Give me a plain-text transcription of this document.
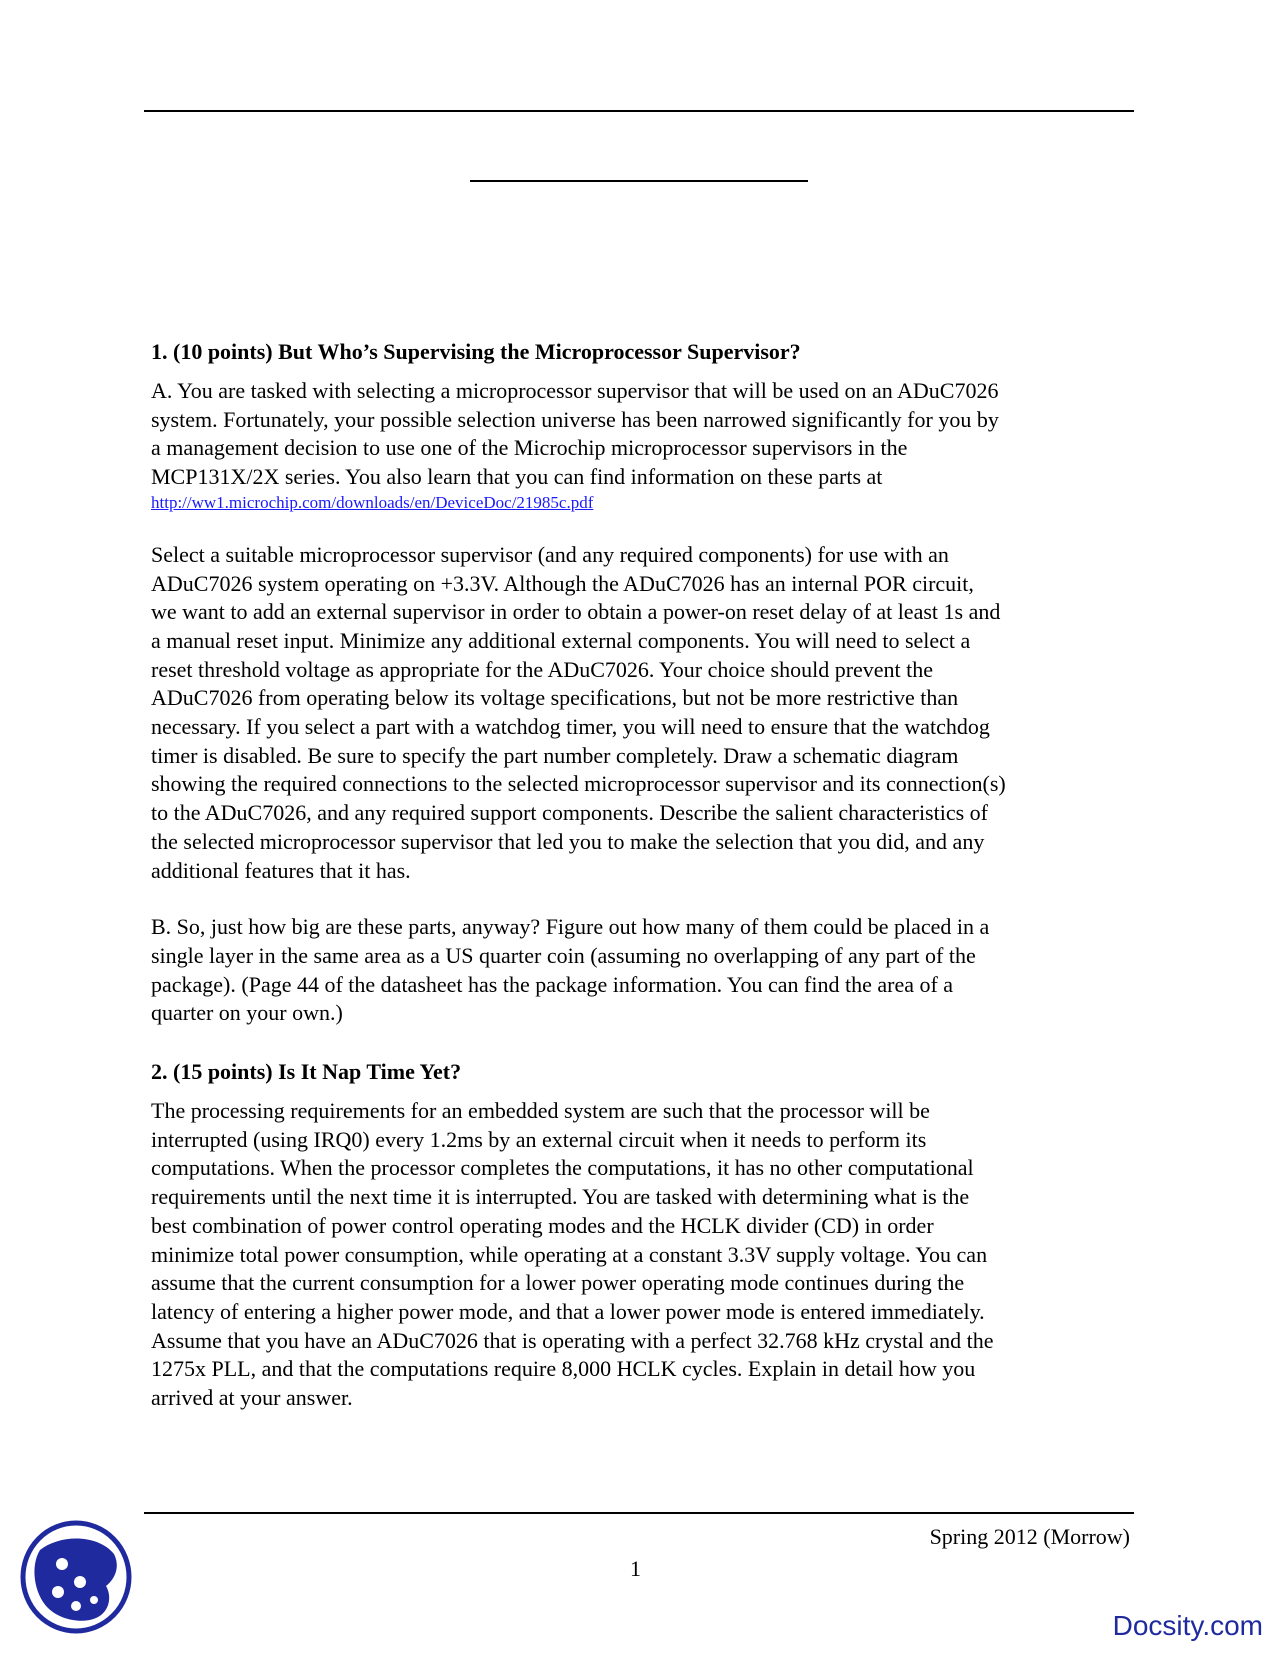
1. (10 points) But Who’s Supervising the Microprocessor Supervisor?

A. You are tasked with selecting a microprocessor supervisor that will be used on an ADuC7026
system. Fortunately, your possible selection universe has been narrowed significantly for you by
a management decision to use one of the Microchip microprocessor supervisors in the
MCP131X/2X series. You also learn that you can find information on these parts at

http://ww1.microchip.com/downloads/en/DeviceDoc/21985c.pdf

Select a suitable microprocessor supervisor (and any required components) for use with an
ADuC7026 system operating on +3.3V. Although the ADuC7026 has an internal POR circuit,
we want to add an external supervisor in order to obtain a power-on reset delay of at least 1s and
a manual reset input. Minimize any additional external components. You will need to select a
reset threshold voltage as appropriate for the ADuC7026. Your choice should prevent the
ADuC7026 from operating below its voltage specifications, but not be more restrictive than
necessary. If you select a part with a watchdog timer, you will need to ensure that the watchdog
timer is disabled. Be sure to specify the part number completely. Draw a schematic diagram
showing the required connections to the selected microprocessor supervisor and its connection(s)
to the ADuC7026, and any required support components. Describe the salient characteristics of
the selected microprocessor supervisor that led you to make the selection that you did, and any
additional features that it has.

B. So, just how big are these parts, anyway? Figure out how many of them could be placed in a
single layer in the same area as a US quarter coin (assuming no overlapping of any part of the
package). (Page 44 of the datasheet has the package information. You can find the area of a
quarter on your own.)

2. (15 points) Is It Nap Time Yet?

The processing requirements for an embedded system are such that the processor will be
interrupted (using IRQ0) every 1.2ms by an external circuit when it needs to perform its
computations. When the processor completes the computations, it has no other computational
requirements until the next time it is interrupted. You are tasked with determining what is the
best combination of power control operating modes and the HCLK divider (CD) in order
minimize total power consumption, while operating at a constant 3.3V supply voltage. You can
assume that the current consumption for a lower power operating mode continues during the
latency of entering a higher power mode, and that a lower power mode is entered immediately.
Assume that you have an ADuC7026 that is operating with a perfect 32.768 kHz crystal and the
1275x PLL, and that the computations require 8,000 HCLK cycles. Explain in detail how you
arrived at your answer.

Spring 2012 (Morrow)
1
Docsity.com
